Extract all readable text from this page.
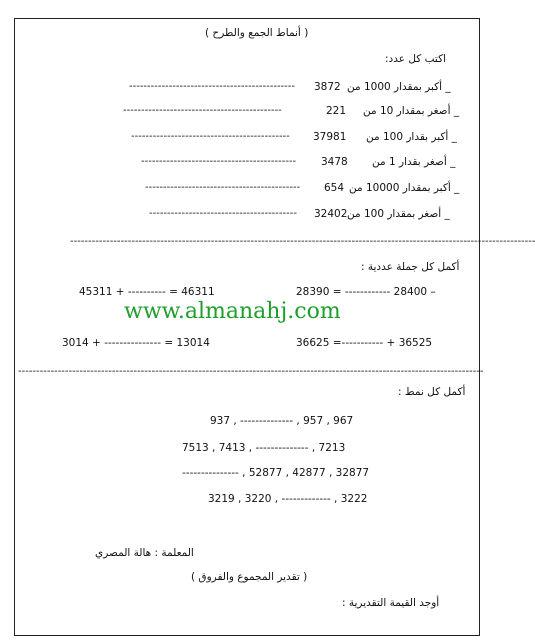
( أنماط الجمع والطرح )
اكتب كل عدد:
_ أكبر بمقدار 1000 من
3872
----------------------------------------------
_ أصغر بمقدار 10 من
221
--------------------------------------------
_ أكبر بقدار 100 من
37981
--------------------------------------------
_ أصغر بقدار 1 من
3478
-------------------------------------------
_ أكبر بمقدار 10000 من
654
-------------------------------------------
_ أصغر بمقدار 100 من
32402
-----------------------------------------
---------------------------------------------------------------------------------------------------------------------------------
أكمل كل جملة عددية :
28390 = ------------ 28400 –
45311 + ---------- = 46311
www.almanahj.com
36625 =----------- + 36525
3014 + --------------- = 13014
---------------------------------------------------------------------------------------------------------------------------------
أكمل كل نمط :
937 , -------------- , 957 , 967
7513 , 7413 , -------------- , 7213
--------------- , 52877 , 42877 , 32877
3219 , 3220 , ------------- , 3222
المعلمة : هالة المصري
( تقدير المجموع والفروق )
أوجد القيمة التقديرية :
